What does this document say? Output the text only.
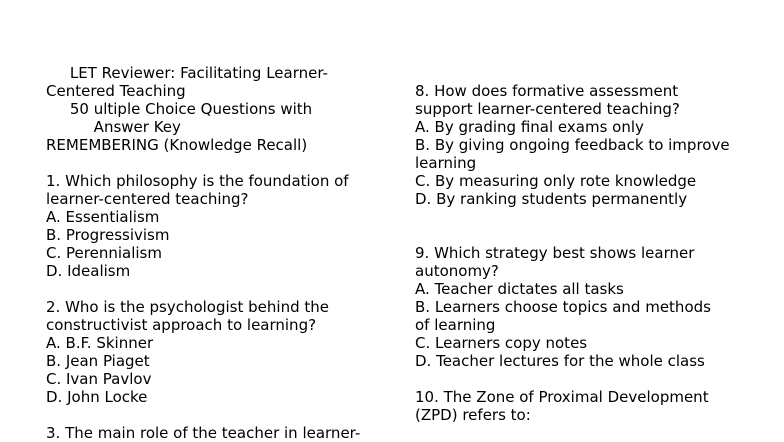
LET Reviewer: Facilitating Learner-
Centered Teaching
50 ultiple Choice Questions with
Answer Key
REMEMBERING (Knowledge Recall)
1. Which philosophy is the foundation of
learner-centered teaching?
A. Essentialism
B. Progressivism
C. Perennialism
D. Idealism
2. Who is the psychologist behind the
constructivist approach to learning?
A. B.F. Skinner
B. Jean Piaget
C. Ivan Pavlov
D. John Locke
3. The main role of the teacher in learner-
8. How does formative assessment
support learner-centered teaching?
A. By grading final exams only
B. By giving ongoing feedback to improve
learning
C. By measuring only rote knowledge
D. By ranking students permanently
9. Which strategy best shows learner
autonomy?
A. Teacher dictates all tasks
B. Learners choose topics and methods
of learning
C. Learners copy notes
D. Teacher lectures for the whole class
10. The Zone of Proximal Development
(ZPD) refers to:
